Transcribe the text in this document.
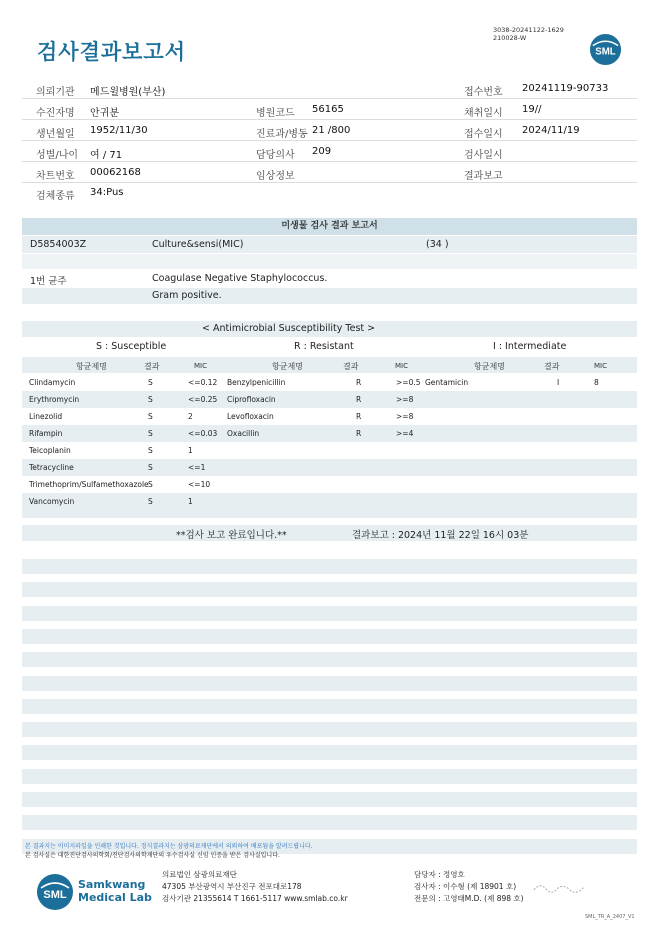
검사결과보고서
3038-20241122-1629
210028-W
SML
의뢰기관 메드윌병원(부산)	접수번호 20241119-90733
수진자명 안귀분	병원코드 56165	채취일시 19//
생년월일 1952/11/30	진료과/병동 21 /800	접수일시 2024/11/19
성별/나이 여 / 71	담당의사 209	검사일시
차트번호 00062168	임상정보	결과보고
검체종류 34:Pus
미생물 검사 결과 보고서
D5854003Z	Culture&sensi(MIC)	(34 )
1번 균주	Coagulase Negative Staphylococcus.
Gram positive.
< Antimicrobial Susceptibility Test >
S : Susceptible	R : Resistant	I : Intermediate
항균제명	결과	MIC	항균제명	결과	MIC	항균제명	결과	MIC
Clindamycin	S	<=0.12 Benzylpenicillin	R	>=0.5 Gentamicin	I	8
Erythromycin	S	<=0.25 Ciprofloxacin	R	>=8
Linezolid	S	2	Levofloxacin	R	>=8
Rifampin	S	<=0.03 Oxacillin	R	>=4
Teicoplanin	S	1
Tetracycline	S	<=1
Trimethoprim/Sulfamethoxazole S	<=10
Vancomycin	S	1
**검사 보고 완료입니다.**	결과보고 : 2024년 11월 22일 16시 03분
본 결과지는 이미지파일을 인쇄한 것입니다. 정식결과지는 삼광의료재단에서 의뢰하여 배포됨을 알려드립니다.
본 검사실은 대한진단검사의학회/진단검사의학재단의 우수검사실 신임 인증을 받은 검사실입니다.
SML
Samkwang
Medical Lab
의료법인 삼광의료재단
47305 부산광역시 부산진구 전포대로178
검사기관 21355614 T 1661-5117 www.smlab.co.kr
담당자 : 정영호
검사자 : 이수형 (제 18901 호)
전문의 : 고영태M.D. (제 898 호)
SML_TR_A_2407_V1
